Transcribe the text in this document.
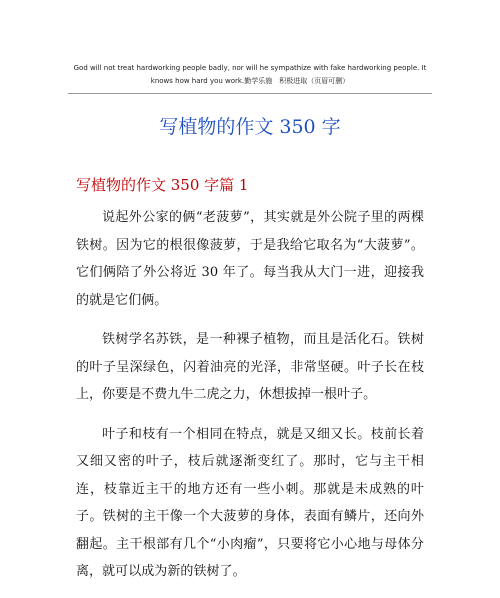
God will not treat hardworking people badly, nor will he sympathize with fake hardworking people. It knows how hard you work.勤学乐施　积极进取（页眉可删）
写植物的作文 350 字
写植物的作文 350 字篇 1

说起外公家的俩“老菠萝”，其实就是外公院子里的两棵铁树。因为它的根很像菠萝，于是我给它取名为“大菠萝”。它们俩陪了外公将近 30 年了。每当我从大门一进，迎接我的就是它们俩。

铁树学名苏铁，是一种裸子植物，而且是活化石。铁树的叶子呈深绿色，闪着油亮的光泽，非常坚硬。叶子长在枝上，你要是不费九牛二虎之力，休想拔掉一根叶子。

叶子和枝有一个相同在特点，就是又细又长。枝前长着又细又密的叶子，枝后就逐渐变红了。那时，它与主干相连，枝靠近主干的地方还有一些小刺。那就是未成熟的叶子。铁树的主干像一个大菠萝的身体，表面有鳞片，还向外翻起。主干根部有几个“小肉瘤”，只要将它小心地与母体分离，就可以成为新的铁树了。
